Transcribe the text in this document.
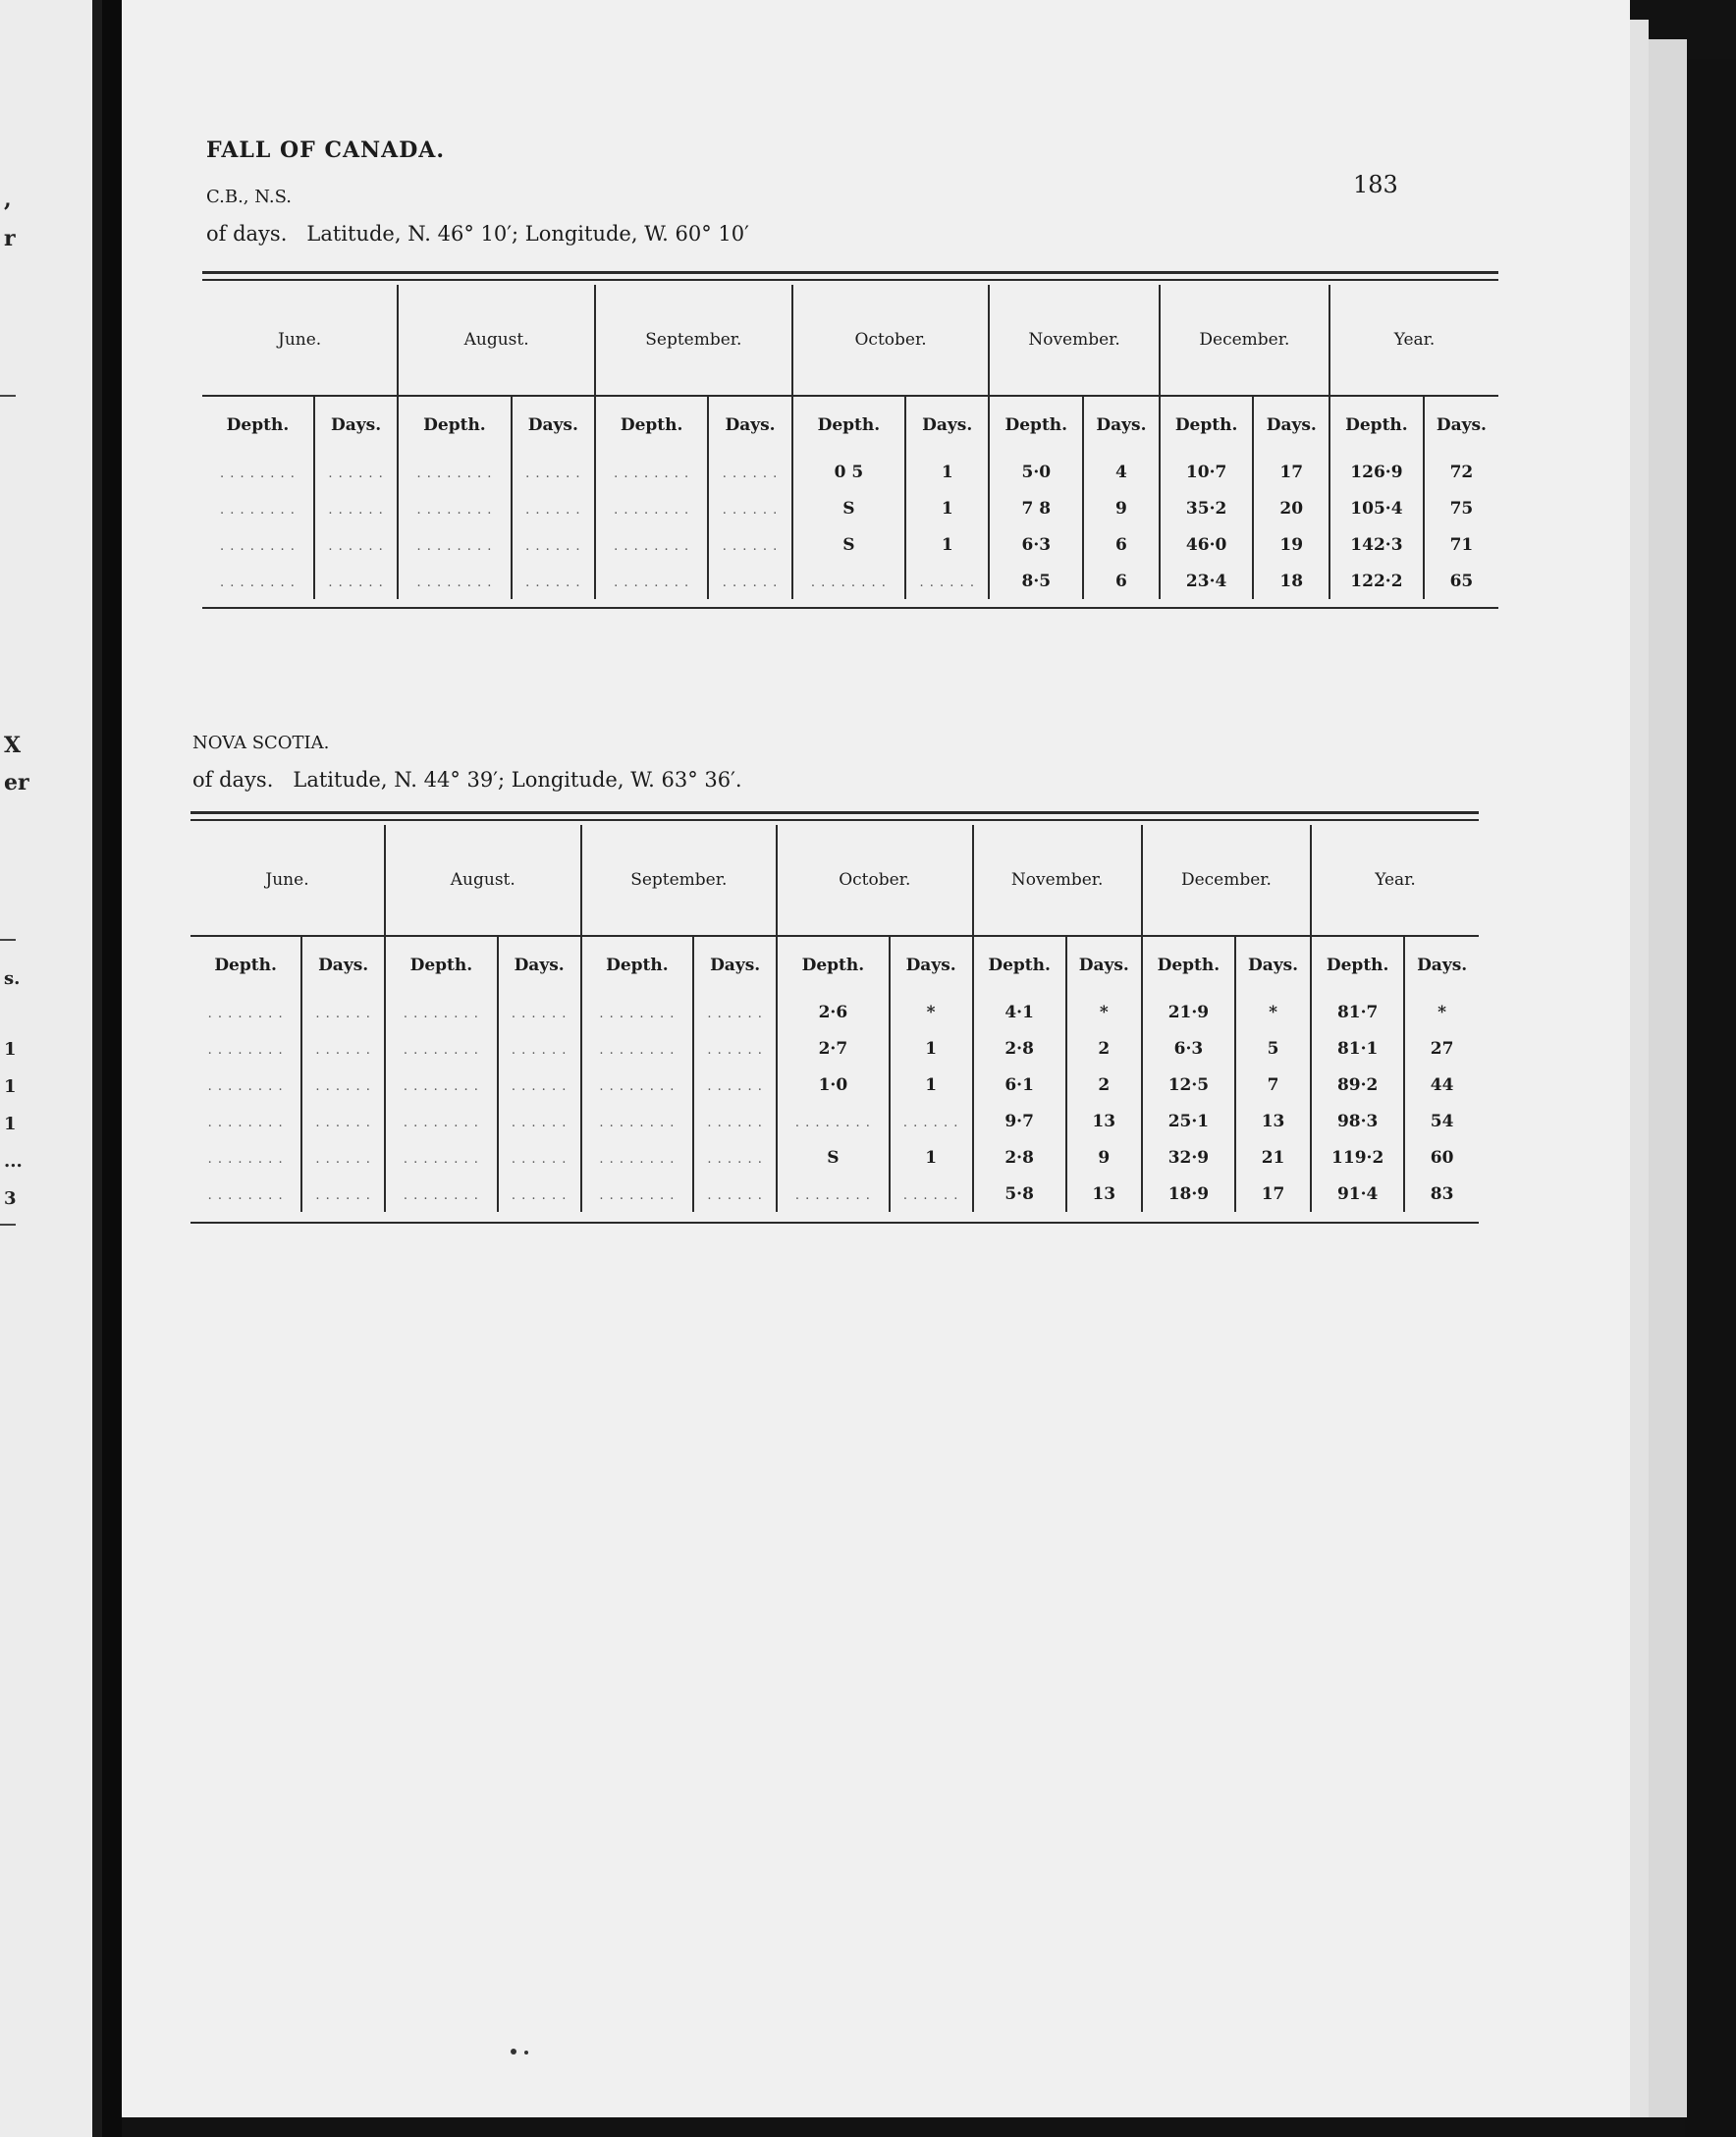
,
r
X
er
s.
1
1
1
...
3
FALL OF CANADA.
183
C.B., N.S.
of days. Latitude, N. 46° 10′; Longitude, W. 60° 10′
June.		August.		September.		October.		November.		December.		Year.	
Depth.	Days.	Depth.	Days.	Depth.	Days.	Depth.	Days.	Depth.	Days.	Depth.	Days.	Depth.	Days.
. . . . . . . .	. . . . . .	. . . . . . . .	. . . . . .	. . . . . . . .	. . . . . .	0 5	1	5·0	4	10·7	17	126·9	72
. . . . . . . .	. . . . . .	. . . . . . . .	. . . . . .	. . . . . . . .	. . . . . .	S	1	7 8	9	35·2	20	105·4	75
. . . . . . . .	. . . . . .	. . . . . . . .	. . . . . .	. . . . . . . .	. . . . . .	S	1	6·3	6	46·0	19	142·3	71
. . . . . . . .	. . . . . .	. . . . . . . .	. . . . . .	. . . . . . . .	. . . . . .	. . . . . . . .	. . . . . .	8·5	6	23·4	18	122·2	65
NOVA SCOTIA.
of days. Latitude, N. 44° 39′; Longitude, W. 63° 36′.
June.		August.		September.		October.		November.		December.		Year.	
Depth.	Days.	Depth.	Days.	Depth.	Days.	Depth.	Days.	Depth.	Days.	Depth.	Days.	Depth.	Days.
. . . . . . . .	. . . . . .	. . . . . . . .	. . . . . .	. . . . . . . .	. . . . . .	2·6	*	4·1	*	21·9	*	81·7	*
. . . . . . . .	. . . . . .	. . . . . . . .	. . . . . .	. . . . . . . .	. . . . . .	2·7	1	2·8	2	6·3	5	81·1	27
. . . . . . . .	. . . . . .	. . . . . . . .	. . . . . .	. . . . . . . .	. . . . . .	1·0	1	6·1	2	12·5	7	89·2	44
. . . . . . . .	. . . . . .	. . . . . . . .	. . . . . .	. . . . . . . .	. . . . . .	. . . . . . . .	. . . . . .	9·7	13	25·1	13	98·3	54
. . . . . . . .	. . . . . .	. . . . . . . .	. . . . . .	. . . . . . . .	. . . . . .	S	1	2·8	9	32·9	21	119·2	60
. . . . . . . .	. . . . . .	. . . . . . . .	. . . . . .	. . . . . . . .	. . . . . .	. . . . . . . .	. . . . . .	5·8	13	18·9	17	91·4	83
